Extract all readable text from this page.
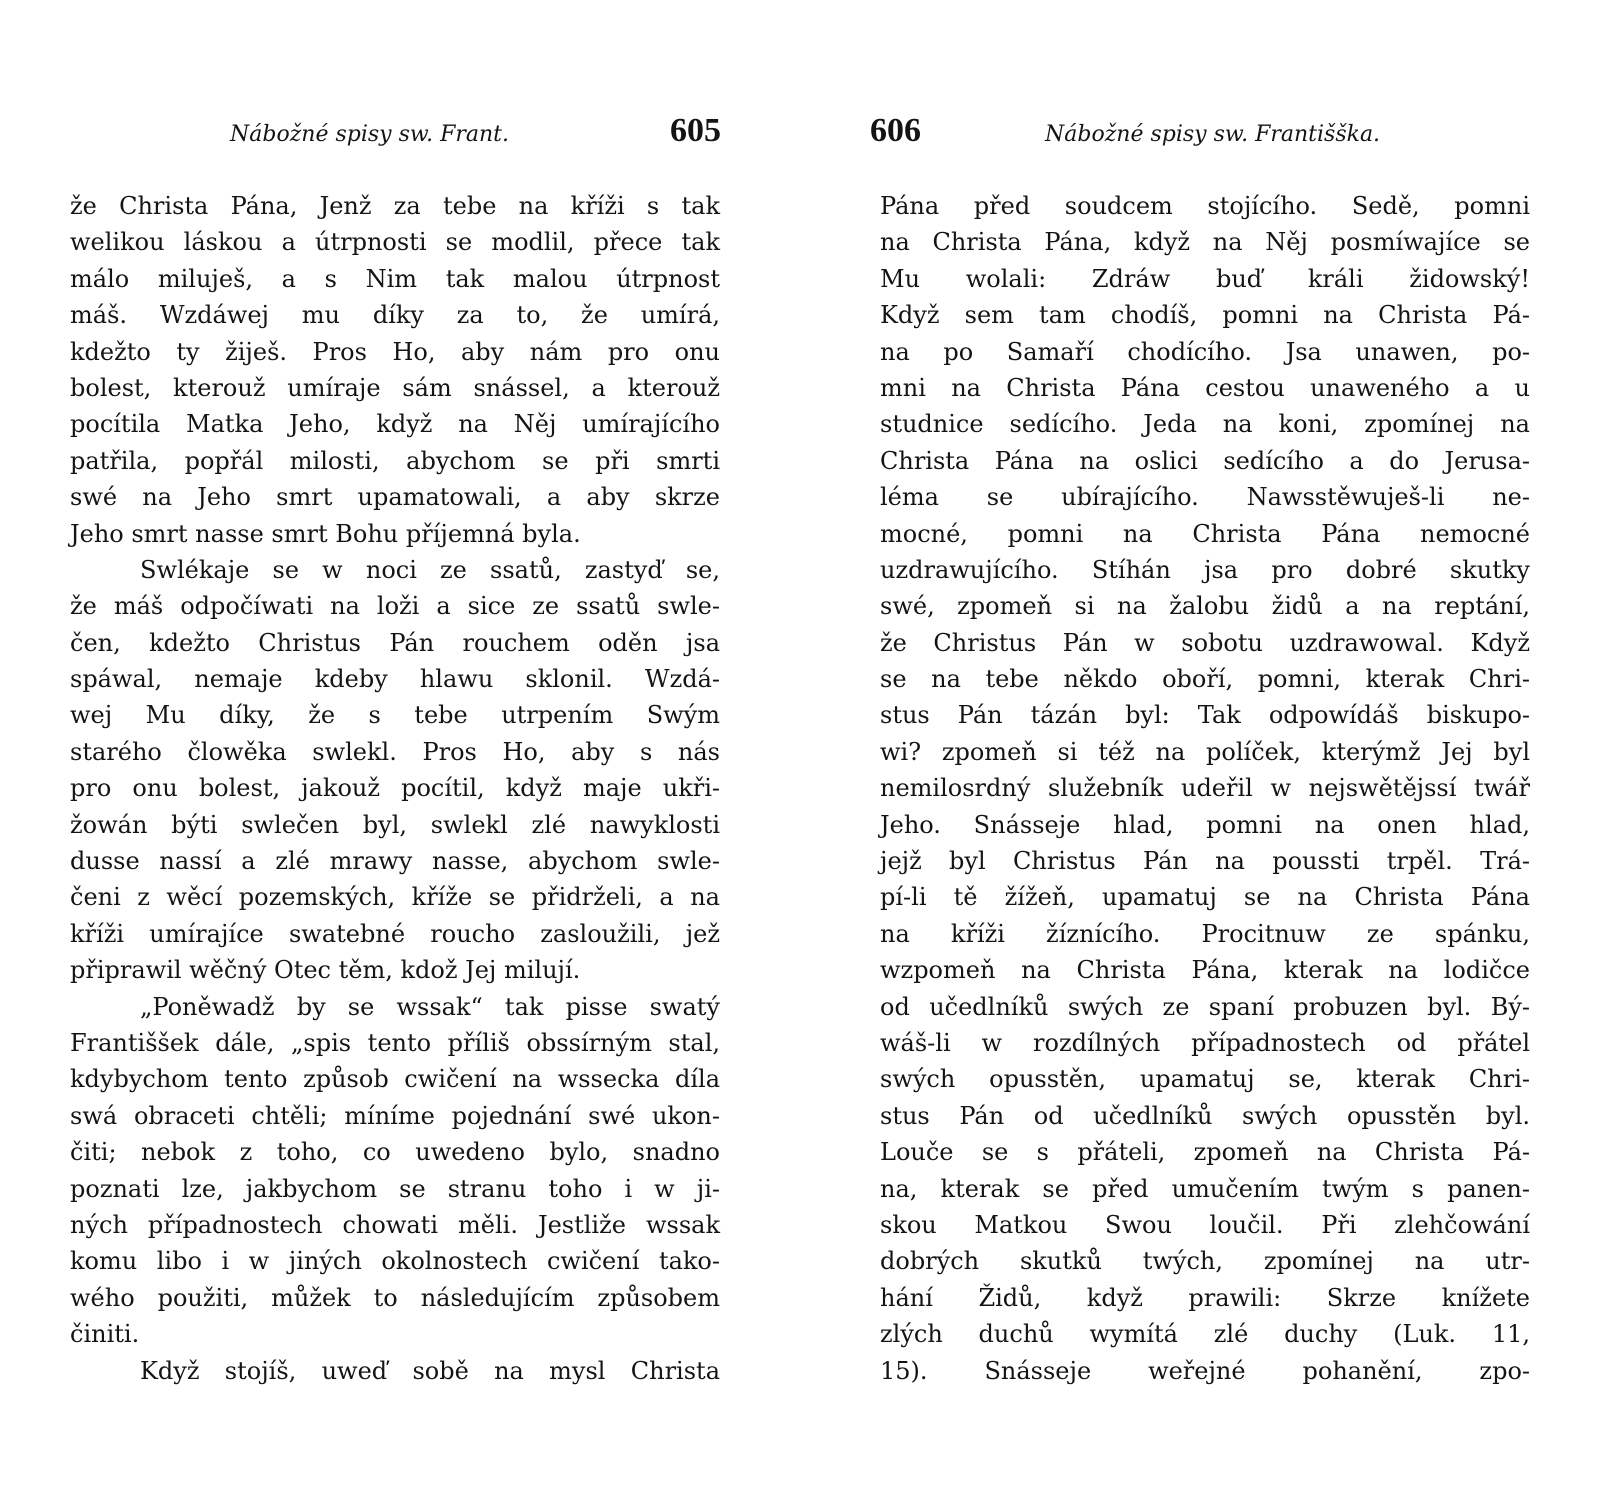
Nábožné spisy sw. Frant.	605
že Christa Pána, Jenž za tebe na kříži s tak
welikou láskou a útrpnosti se modlil, přece tak
málo miluješ, a s Nim tak malou útrpnost
máš. Wzdáwej mu díky za to, že umírá,
kdežto ty žiješ. Pros Ho, aby nám pro onu
bolest, kterouž umíraje sám snássel, a kterouž
pocítila Matka Jeho, když na Něj umírajícího
patřila, popřál milosti, abychom se při smrti
swé na Jeho smrt upamatowali, a aby skrze
Jeho smrt nasse smrt Bohu příjemná byla.
Swlékaje se w noci ze ssatů, zastyď se,
že máš odpočíwati na loži a sice ze ssatů swle-
čen, kdežto Christus Pán rouchem oděn jsa
spáwal, nemaje kdeby hlawu sklonil. Wzdá-
wej Mu díky, že s tebe utrpením Swým
starého člowěka swlekl. Pros Ho, aby s nás
pro onu bolest, jakouž pocítil, když maje ukři-
žowán býti swlečen byl, swlekl zlé nawyklosti
dusse nassí a zlé mrawy nasse, abychom swle-
čeni z wěcí pozemských, kříže se přidrželi, a na
kříži umírajíce swatebné roucho zasloužili, jež
připrawil wěčný Otec těm, kdož Jej milují.
„Poněwadž by se wssak“ tak pisse swatý
Františšek dále, „spis tento příliš obssírným stal,
kdybychom tento způsob cwičení na wssecka díla
swá obraceti chtěli; míníme pojednání swé ukon-
čiti; nebok z toho, co uwedeno bylo, snadno
poznati lze, jakbychom se stranu toho i w ji-
ných případnostech chowati měli. Jestliže wssak
komu libo i w jiných okolnostech cwičení tako-
wého použiti, můžek to následujícím způsobem
činiti.
Když stojíš, uweď sobě na mysl Christa
606	Nábožné spisy sw. Františška.
Pána před soudcem stojícího. Sedě, pomni
na Christa Pána, když na Něj posmíwajíce se
Mu wolali: Zdráw buď králi židowský!
Když sem tam chodíš, pomni na Christa Pá-
na po Samaří chodícího. Jsa unawen, po-
mni na Christa Pána cestou unaweného a u
studnice sedícího. Jeda na koni, zpomínej na
Christa Pána na oslici sedícího a do Jerusa-
léma se ubírajícího. Nawsstěwuješ-li ne-
mocné, pomni na Christa Pána nemocné
uzdrawujícího. Stíhán jsa pro dobré skutky
swé, zpomeň si na žalobu židů a na reptání,
že Christus Pán w sobotu uzdrawowal. Když
se na tebe někdo oboří, pomni, kterak Chri-
stus Pán tázán byl: Tak odpowídáš biskupo-
wi? zpomeň si též na políček, kterýmž Jej byl
nemilosrdný služebník udeřil w nejswětějssí twář
Jeho. Snásseje hlad, pomni na onen hlad,
jejž byl Christus Pán na poussti trpěl. Trá-
pí-li tě žížeň, upamatuj se na Christa Pána
na kříži žíznícího. Procitnuw ze spánku,
wzpomeň na Christa Pána, kterak na lodičce
od učedlníků swých ze spaní probuzen byl. Bý-
wáš-li w rozdílných případnostech od přátel
swých opusstěn, upamatuj se, kterak Chri-
stus Pán od učedlníků swých opusstěn byl.
Louče se s přáteli, zpomeň na Christa Pá-
na, kterak se před umučením twým s panen-
skou Matkou Swou loučil. Při zlehčowání
dobrých skutků twých, zpomínej na utr-
hání Židů, když prawili: Skrze knížete
zlých duchů wymítá zlé duchy (Luk. 11,
15). Snásseje weřejné pohanění, zpo-
